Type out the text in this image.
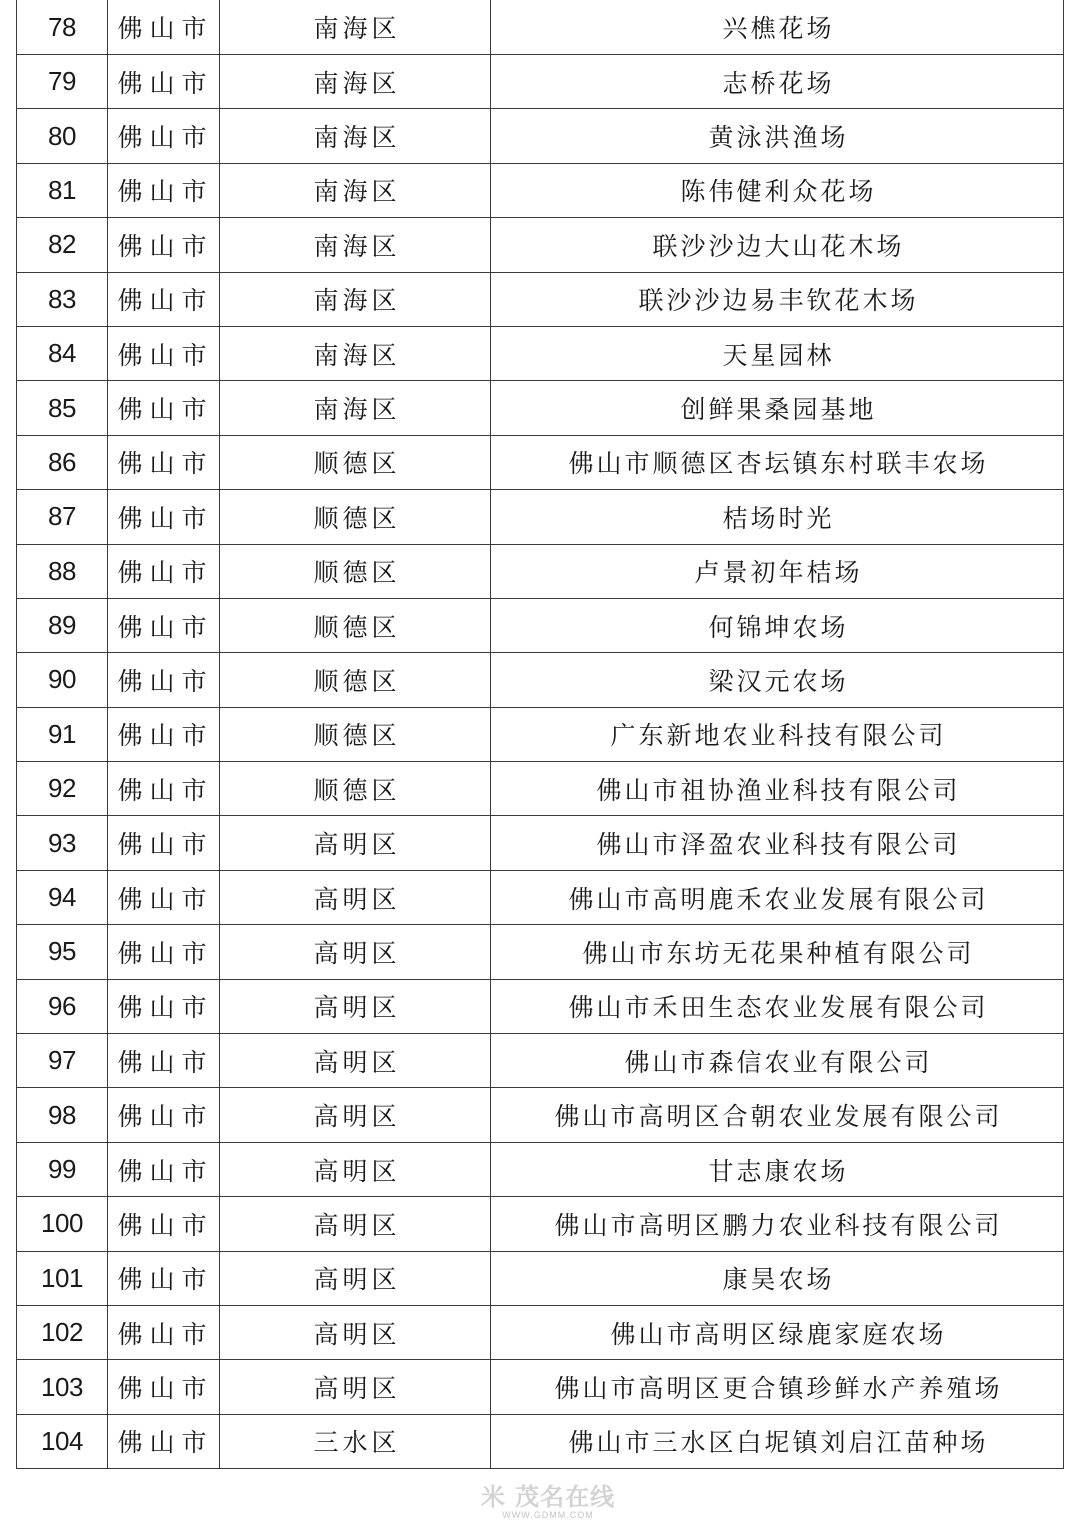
78	佛山市	南海区	兴樵花场
79	佛山市	南海区	志桥花场
80	佛山市	南海区	黄泳洪渔场
81	佛山市	南海区	陈伟健利众花场
82	佛山市	南海区	联沙沙边大山花木场
83	佛山市	南海区	联沙沙边易丰钦花木场
84	佛山市	南海区	天星园林
85	佛山市	南海区	创鲜果桑园基地
86	佛山市	顺德区	佛山市顺德区杏坛镇东村联丰农场
87	佛山市	顺德区	桔场时光
88	佛山市	顺德区	卢景初年桔场
89	佛山市	顺德区	何锦坤农场
90	佛山市	顺德区	梁汉元农场
91	佛山市	顺德区	广东新地农业科技有限公司
92	佛山市	顺德区	佛山市祖协渔业科技有限公司
93	佛山市	高明区	佛山市泽盈农业科技有限公司
94	佛山市	高明区	佛山市高明鹿禾农业发展有限公司
95	佛山市	高明区	佛山市东坊无花果种植有限公司
96	佛山市	高明区	佛山市禾田生态农业发展有限公司
97	佛山市	高明区	佛山市森信农业有限公司
98	佛山市	高明区	佛山市高明区合朝农业发展有限公司
99	佛山市	高明区	甘志康农场
100	佛山市	高明区	佛山市高明区鹏力农业科技有限公司
101	佛山市	高明区	康昊农场
102	佛山市	高明区	佛山市高明区绿鹿家庭农场
103	佛山市	高明区	佛山市高明区更合镇珍鲜水产养殖场
104	佛山市	三水区	佛山市三水区白坭镇刘启江苗种场
米 茂名在线
WWW.GDMM.COM
